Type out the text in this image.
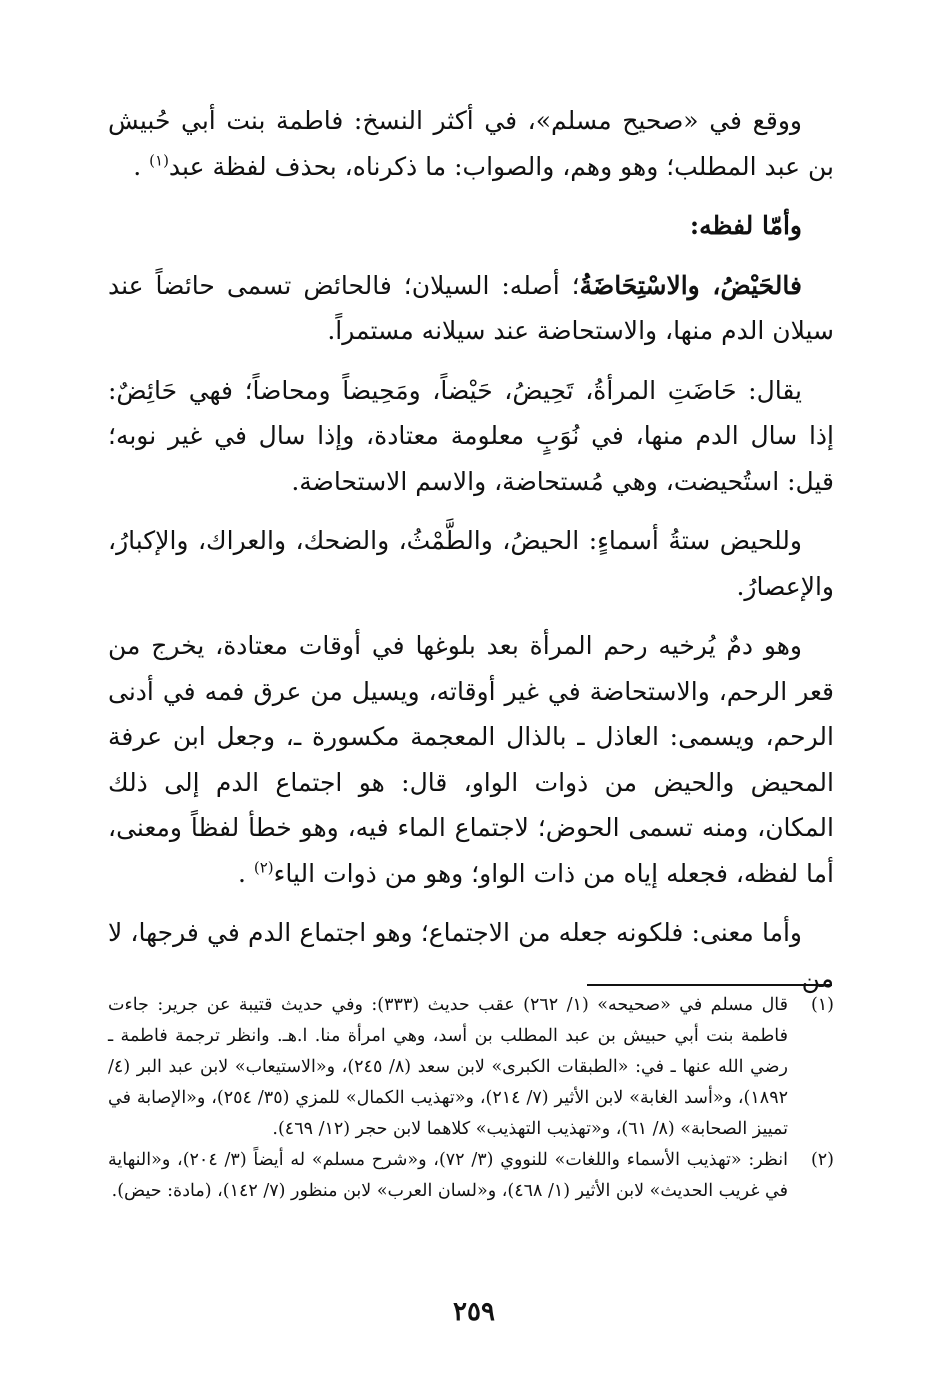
ووقع في «صحيح مسلم»، في أكثر النسخ: فاطمة بنت أبي حُبيش بن عبد المطلب؛ وهو وهم، والصواب: ما ذكرناه، بحذف لفظة عبد$^{(١)}$ .

وأمّا لفظه:

فالحَيْضُ، والاسْتِحَاضَةُ؛ أصله: السيلان؛ فالحائض تسمى حائضاً عند سيلان الدم منها، والاستحاضة عند سيلانه مستمراً.

يقال: حَاضَتِ المرأةُ، تَحِيضُ، حَيْضاً، ومَحِيضاً ومحاضاً؛ فهي حَائِضٌ: إذا سال الدم منها، في نُوَبٍ معلومة معتادة، وإذا سال في غير نوبه؛ قيل: استُحيضت، وهي مُستحاضة، والاسم الاستحاضة.

وللحيض ستةُ أسماءٍ: الحيضُ، والطَّمْثُ، والضحك، والعراك، والإكبارُ، والإعصارُ.

وهو دمٌ يُرخيه رحم المرأة بعد بلوغها في أوقات معتادة، يخرج من قعر الرحم، والاستحاضة في غير أوقاته، ويسيل من عرق فمه في أدنى الرحم، ويسمى: العاذل ـ بالذال المعجمة مكسورة ـ، وجعل ابن عرفة المحيض والحيض من ذوات الواو، قال: هو اجتماع الدم إلى ذلك المكان، ومنه تسمى الحوض؛ لاجتماع الماء فيه، وهو خطأ لفظاً ومعنى، أما لفظه، فجعله إياه من ذات الواو؛ وهو من ذوات الياء$^{(٢)}$ .

وأما معنى: فلكونه جعله من الاجتماع؛ وهو اجتماع الدم في فرجها، لا من

(١)
قال مسلم في «صحيحه» (١/ ٢٦٢) عقب حديث (٣٣٣): وفي حديث قتيبة عن جرير: جاءت فاطمة بنت أبي حبيش بن عبد المطلب بن أسد، وهي امرأة منا. ا.هـ. وانظر ترجمة فاطمة ـ رضي الله عنها ـ في: «الطبقات الكبرى» لابن سعد (٨/ ٢٤٥)، و«الاستيعاب» لابن عبد البر (٤/ ١٨٩٢)، و«أسد الغابة» لابن الأثير (٧/ ٢١٤)، و«تهذيب الكمال» للمزي (٣٥/ ٢٥٤)، و«الإصابة في تمييز الصحابة» (٨/ ٦١)، و«تهذيب التهذيب» كلاهما لابن حجر (١٢/ ٤٦٩).

(٢)
انظر: «تهذيب الأسماء واللغات» للنووي (٣/ ٧٢)، و«شرح مسلم» له أيضاً (٣/ ٢٠٤)، و«النهاية في غريب الحديث» لابن الأثير (١/ ٤٦٨)، و«لسان العرب» لابن منظور (٧/ ١٤٢)، (مادة: حيض).

٢٥٩
